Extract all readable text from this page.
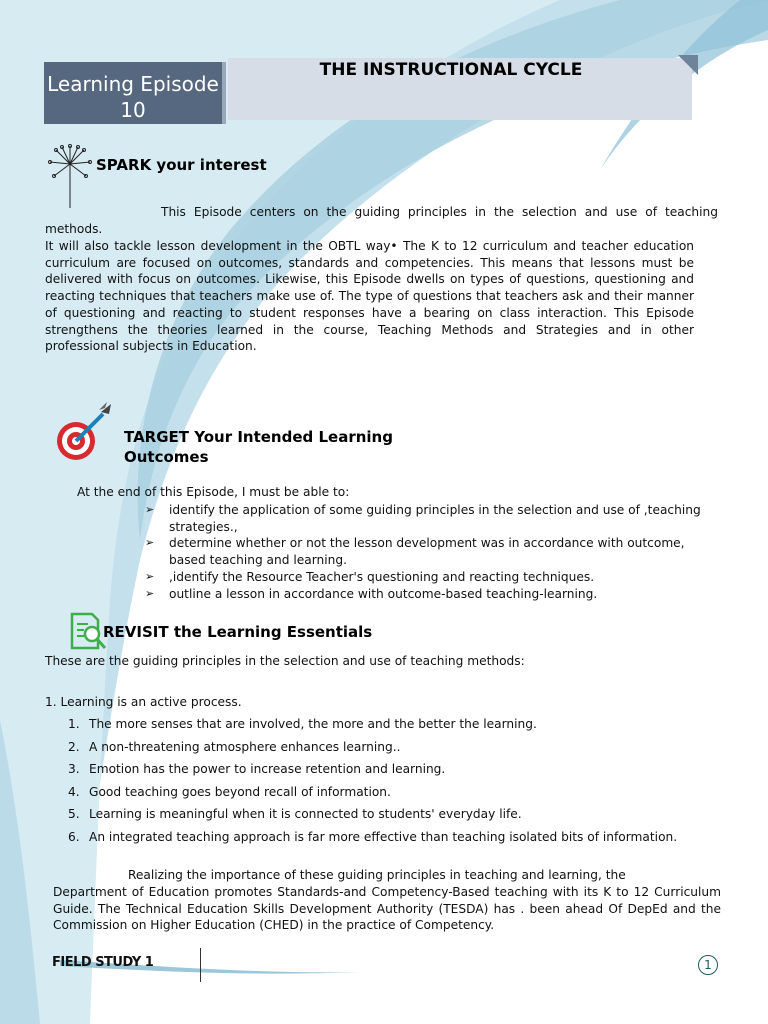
Learning Episode 10
THE INSTRUCTIONAL CYCLE
SPARK your interest
This Episode centers on the guiding principles in the selection and use of teaching
methods.
It will also tackle lesson development in the OBTL way• The K to 12 curriculum and teacher education curriculum are focused on outcomes, standards and competencies. This means that lessons must be delivered with focus on outcomes. Likewise, this Episode dwells on types of questions, questioning and reacting techniques that teachers make use of. The type of questions that teachers ask and their manner of questioning and reacting to student responses have a bearing on class interaction. This Episode strengthens the theories learned in the course, Teaching Methods and Strategies and in other professional subjects in Education.
TARGET Your Intended Learning Outcomes
At the end of this Episode, I must be able to:
➢ identify the application of some guiding principles in the selection and use of ,teaching strategies.,
➢ determine whether or not the lesson development was in accordance with outcome, based teaching and learning.
➢ ,identify the Resource Teacher's questioning and reacting techniques.
➢ outline a lesson in accordance with outcome-based teaching-learning.
REVISIT the Learning Essentials
These are the guiding principles in the selection and use of teaching methods:
1. Learning is an active process.
1. The more senses that are involved, the more and the better the learning.
2. A non-threatening atmosphere enhances learning..
3. Emotion has the power to increase retention and learning.
4. Good teaching goes beyond recall of information.
5. Learning is meaningful when it is connected to students' everyday life.
6. An integrated teaching approach is far more effective than teaching isolated bits of information.
Realizing the importance of these guiding principles in teaching and learning, the
Department of Education promotes Standards-and Competency-Based teaching with its K to 12 Curriculum Guide. The Technical Education Skills Development Authority (TESDA) has . been ahead Of DepEd and the Commission on Higher Education (CHED) in the practice of Competency.
FIELD STUDY 1	1
